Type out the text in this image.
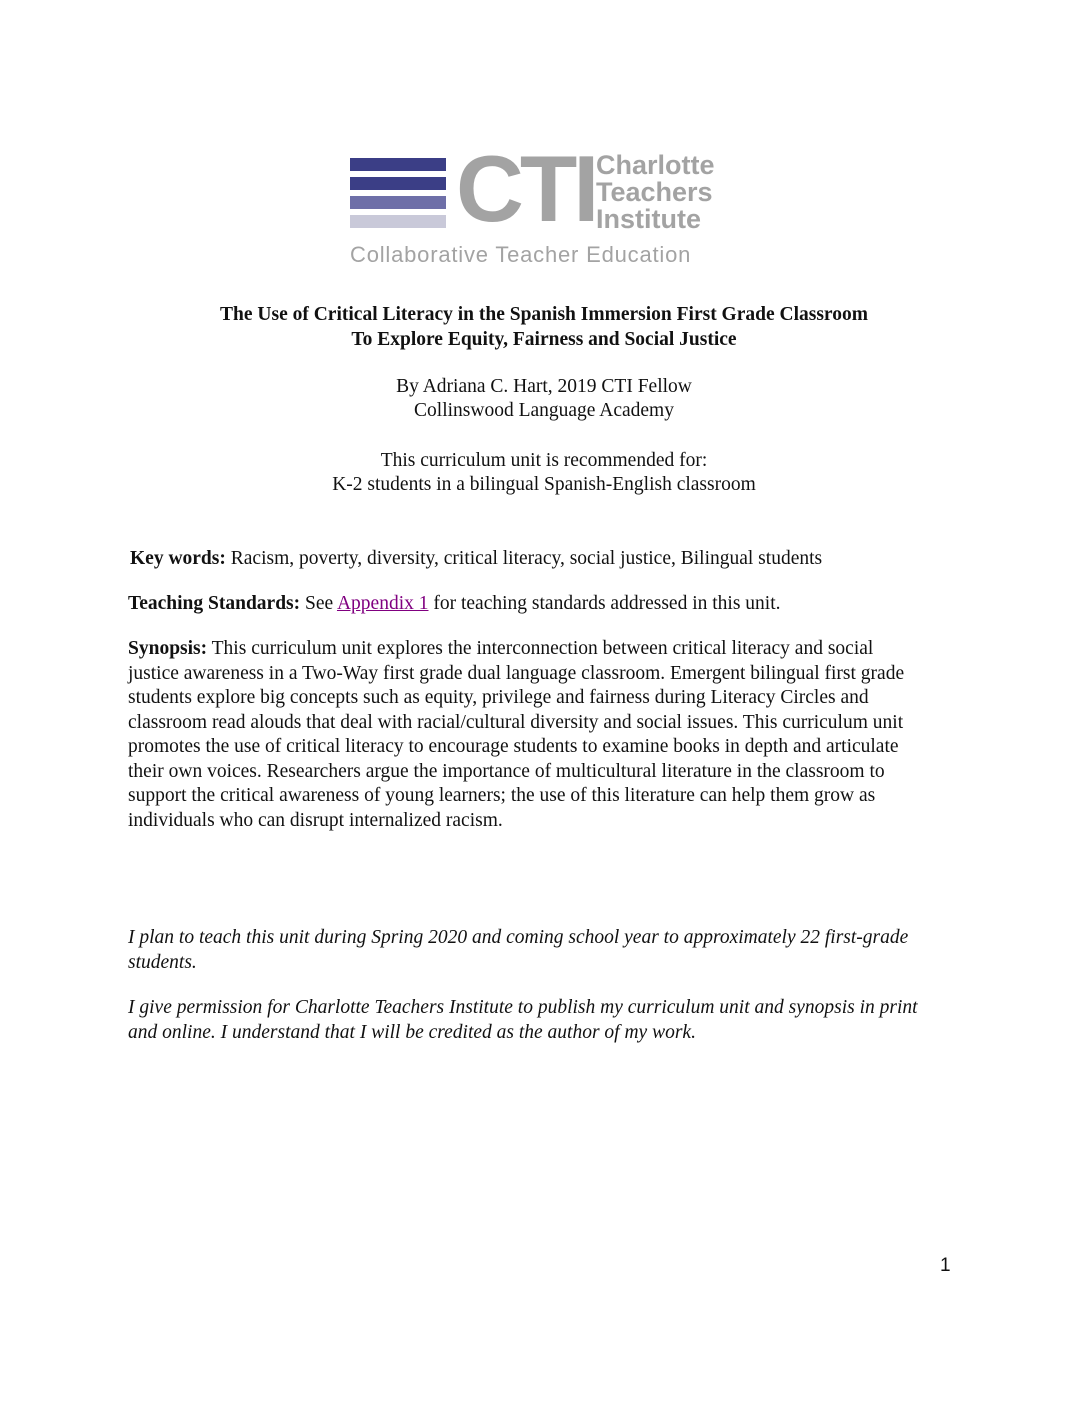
CTI Charlotte
Teachers
Institute
Collaborative Teacher Education
The Use of Critical Literacy in the Spanish Immersion First Grade Classroom
To Explore Equity, Fairness and Social Justice
By Adriana C. Hart, 2019 CTI Fellow
Collinswood Language Academy
This curriculum unit is recommended for:
K-2 students in a bilingual Spanish-English classroom
Key words: Racism, poverty, diversity, critical literacy, social justice, Bilingual students
Teaching Standards: See Appendix 1 for teaching standards addressed in this unit.
Synopsis: This curriculum unit explores the interconnection between critical literacy and social justice awareness in a Two-Way first grade dual language classroom. Emergent bilingual first grade students explore big concepts such as equity, privilege and fairness during Literacy Circles and classroom read alouds that deal with racial/cultural diversity and social issues. This curriculum unit promotes the use of critical literacy to encourage students to examine books in depth and articulate their own voices. Researchers argue the importance of multicultural literature in the classroom to support the critical awareness of young learners; the use of this literature can help them grow as individuals who can disrupt internalized racism.
I plan to teach this unit during Spring 2020 and coming school year to approximately 22 first-grade students.
I give permission for Charlotte Teachers Institute to publish my curriculum unit and synopsis in print and online. I understand that I will be credited as the author of my work.
1
